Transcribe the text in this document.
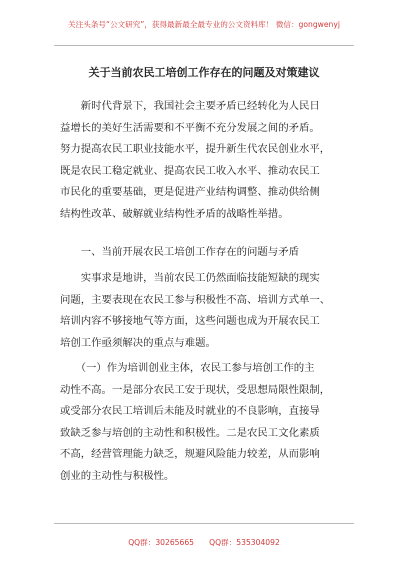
关注头条号“公文研究”，获得最新最全最专业的公文资料库！ 微信：gongwenyj
关于当前农民工培创工作存在的问题及对策建议
　　新时代背景下，我国社会主要矛盾已经转化为人民日
益增长的美好生活需要和不平衡不充分发展之间的矛盾。
努力提高农民工职业技能水平，提升新生代农民创业水平，
既是农民工稳定就业、提高农民工收入水平、推动农民工
市民化的重要基础，更是促进产业结构调整、推动供给侧
结构性改革、破解就业结构性矛盾的战略性举措。
　　一、当前开展农民工培创工作存在的问题与矛盾
　　实事求是地讲，当前农民工仍然面临技能短缺的现实
问题，主要表现在农民工参与积极性不高、培训方式单一、
培训内容不够接地气等方面，这些问题也成为开展农民工
培创工作亟须解决的重点与难题。
　　（一）作为培训创业主体，农民工参与培创工作的主
动性不高。一是部分农民工安于现状，受思想局限性限制，
或受部分农民工培训后未能及时就业的不良影响，直接导
致缺乏参与培创的主动性和积极性。二是农民工文化素质
不高，经营管理能力缺乏，规避风险能力较差，从而影响
创业的主动性与积极性。
QQ群：30265665　　QQ群：535304092
